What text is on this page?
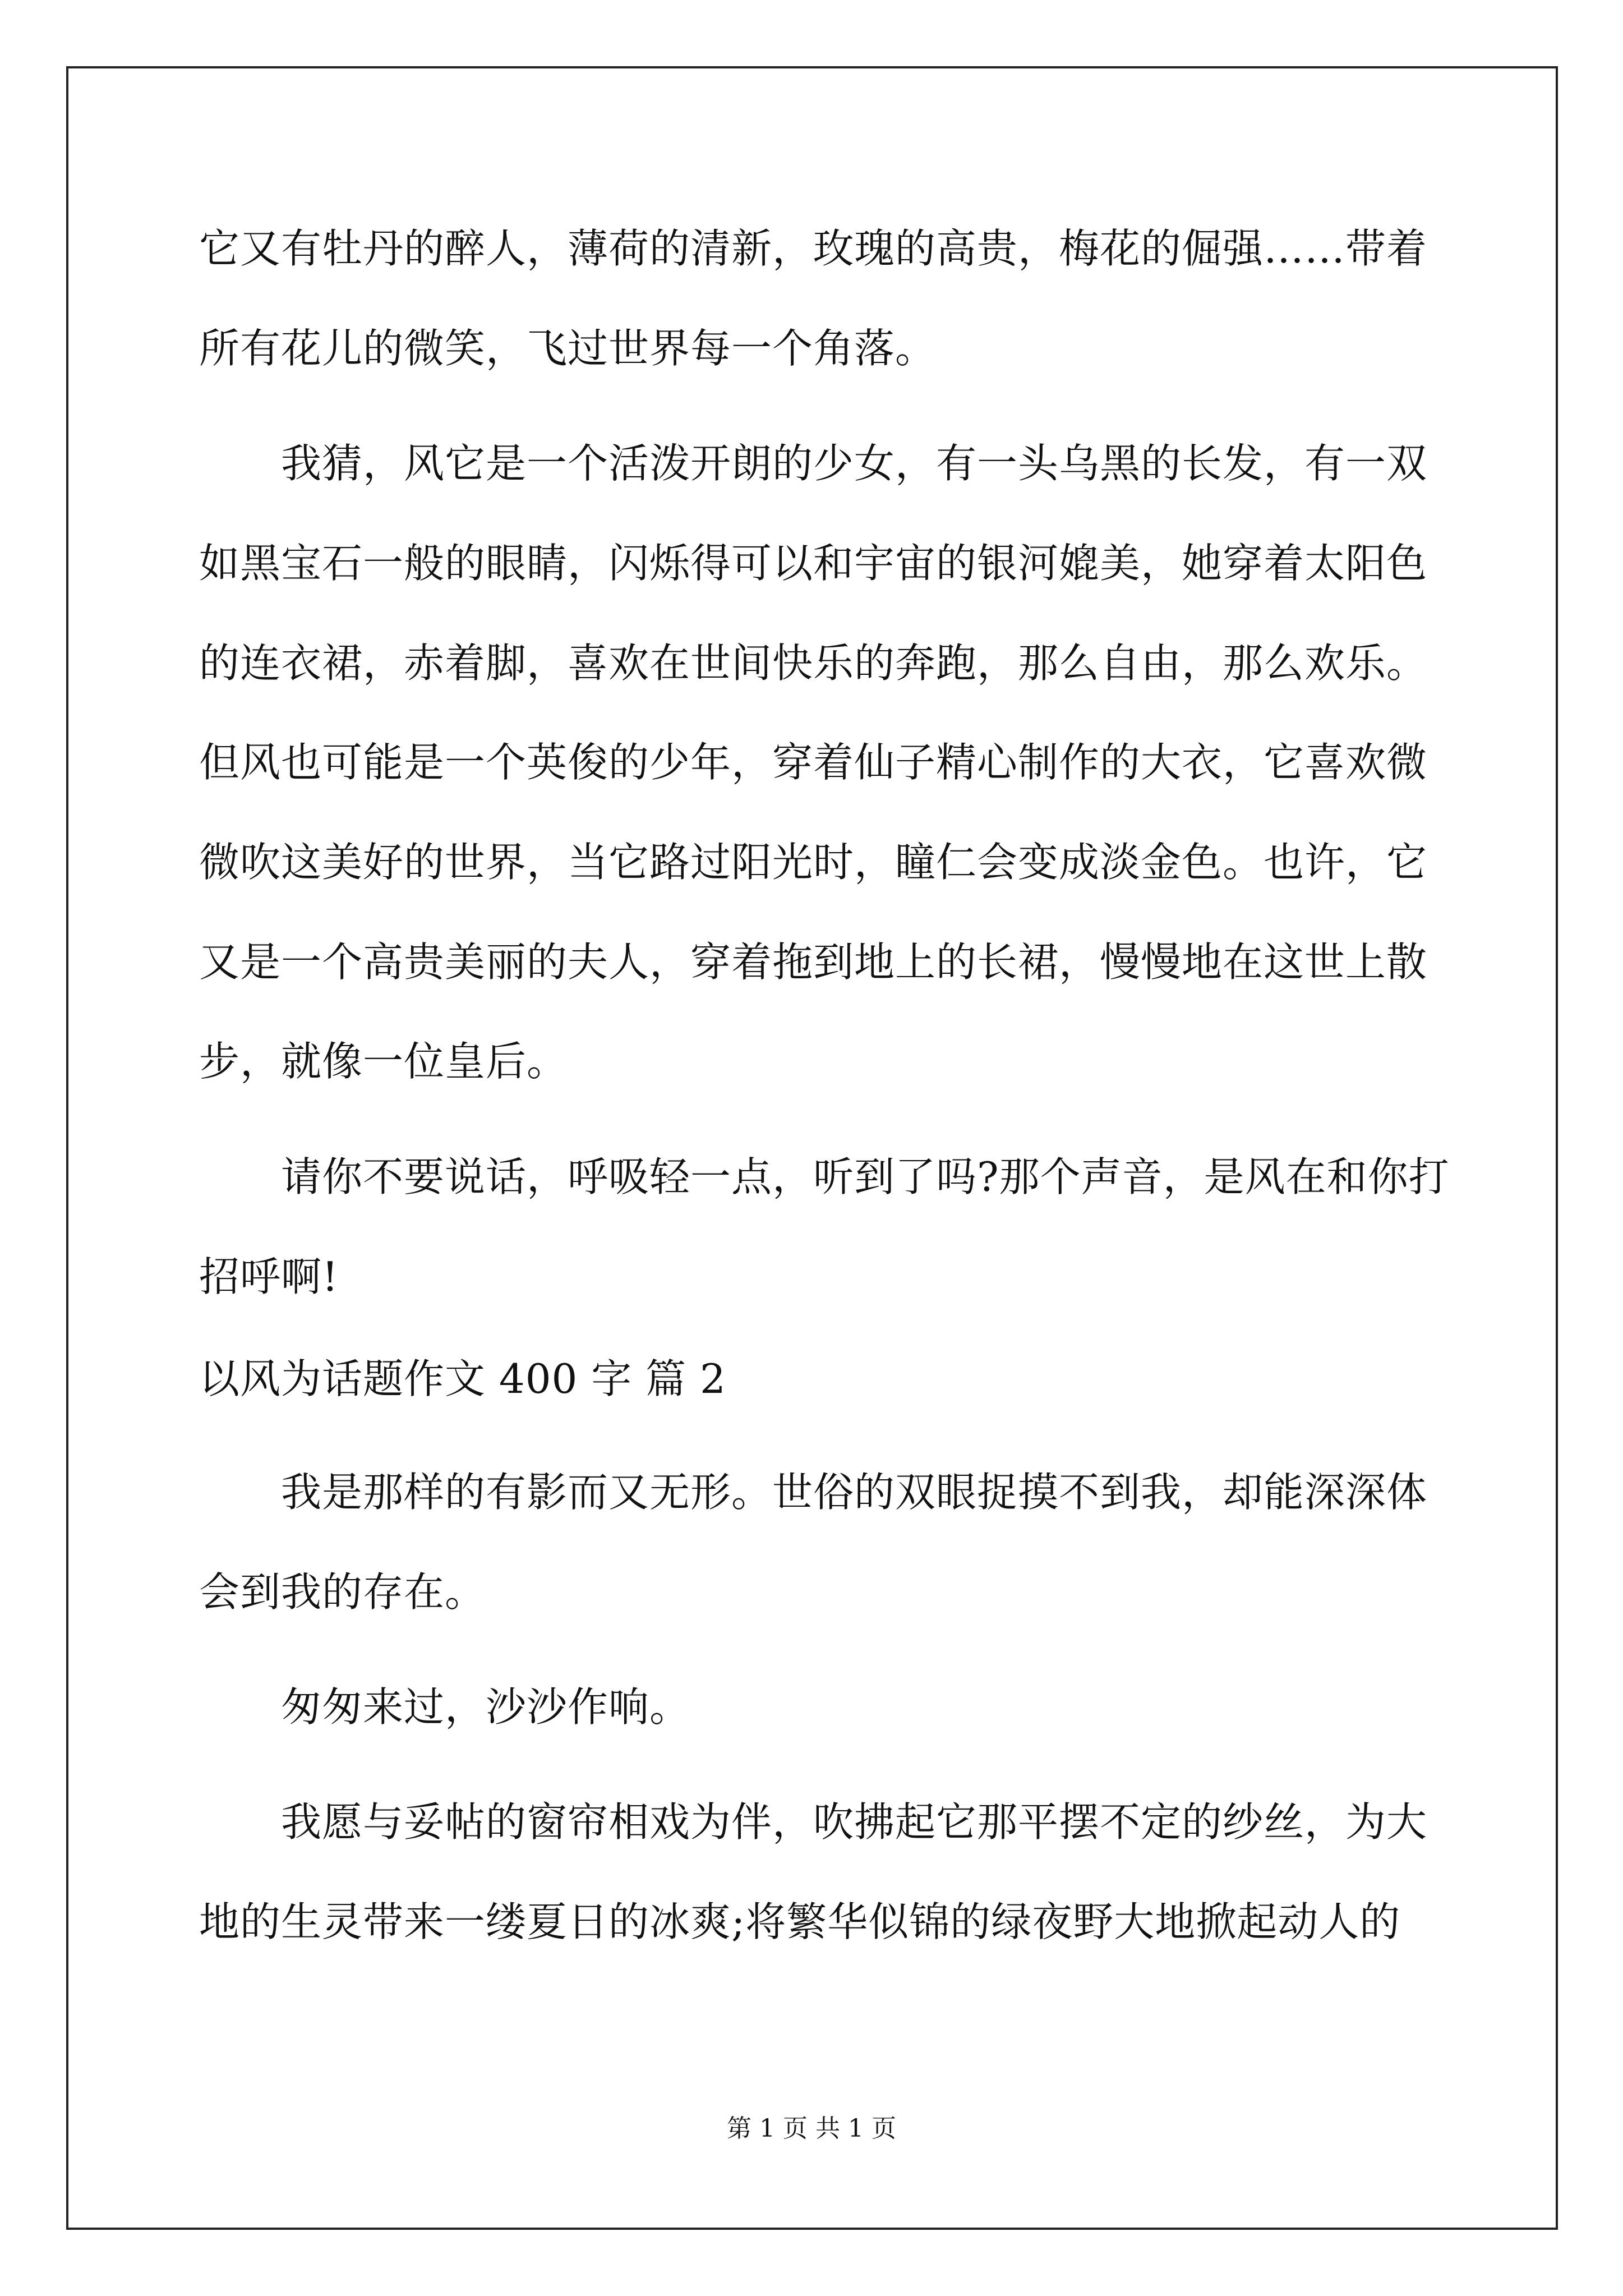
它又有牡丹的醉人，薄荷的清新，玫瑰的高贵，梅花的倔强……带着
所有花儿的微笑，飞过世界每一个角落。
我猜，风它是一个活泼开朗的少女，有一头乌黑的长发，有一双
如黑宝石一般的眼睛，闪烁得可以和宇宙的银河媲美，她穿着太阳色
的连衣裙，赤着脚，喜欢在世间快乐的奔跑，那么自由，那么欢乐。
但风也可能是一个英俊的少年，穿着仙子精心制作的大衣，它喜欢微
微吹这美好的世界，当它路过阳光时，瞳仁会变成淡金色。也许，它
又是一个高贵美丽的夫人，穿着拖到地上的长裙，慢慢地在这世上散
步，就像一位皇后。
请你不要说话，呼吸轻一点，听到了吗?那个声音，是风在和你打
招呼啊!
以风为话题作文 400 字 篇 2
我是那样的有影而又无形。世俗的双眼捉摸不到我，却能深深体
会到我的存在。
匆匆来过，沙沙作响。
我愿与妥帖的窗帘相戏为伴，吹拂起它那平摆不定的纱丝，为大
地的生灵带来一缕夏日的冰爽;将繁华似锦的绿夜野大地掀起动人的
第 1 页 共 1 页
